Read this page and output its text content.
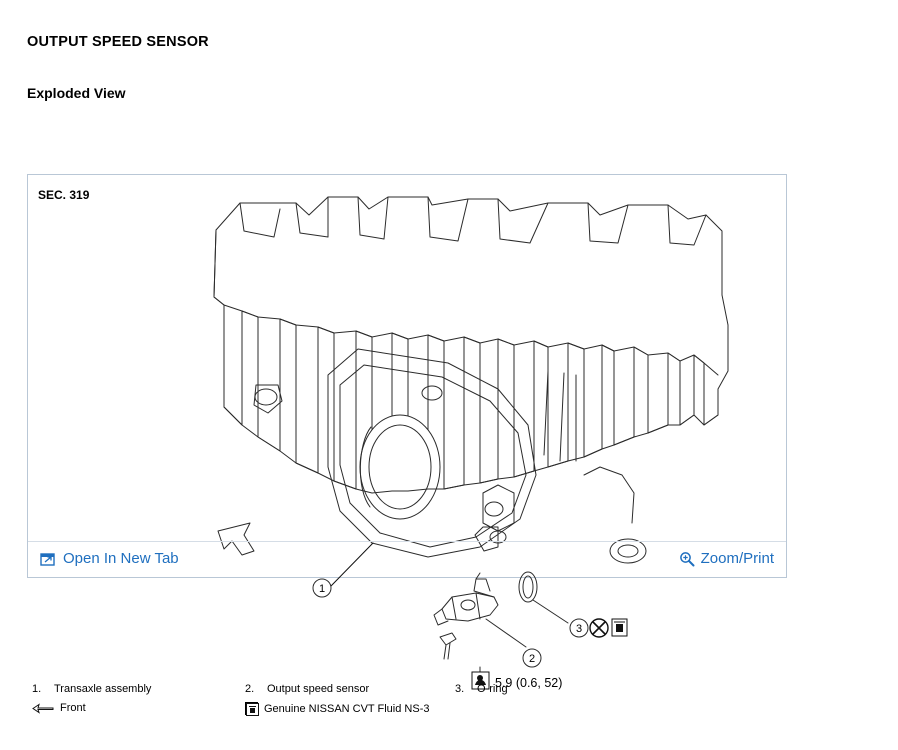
OUTPUT SPEED SENSOR
Exploded View
SEC. 319
1
2
3
5.9 (0.6, 52)
Open In New Tab	Zoom/Print
1.	Transaxle assembly	2.	Output speed sensor	3.	O-ring
Front	Genuine NISSAN CVT Fluid NS-3
